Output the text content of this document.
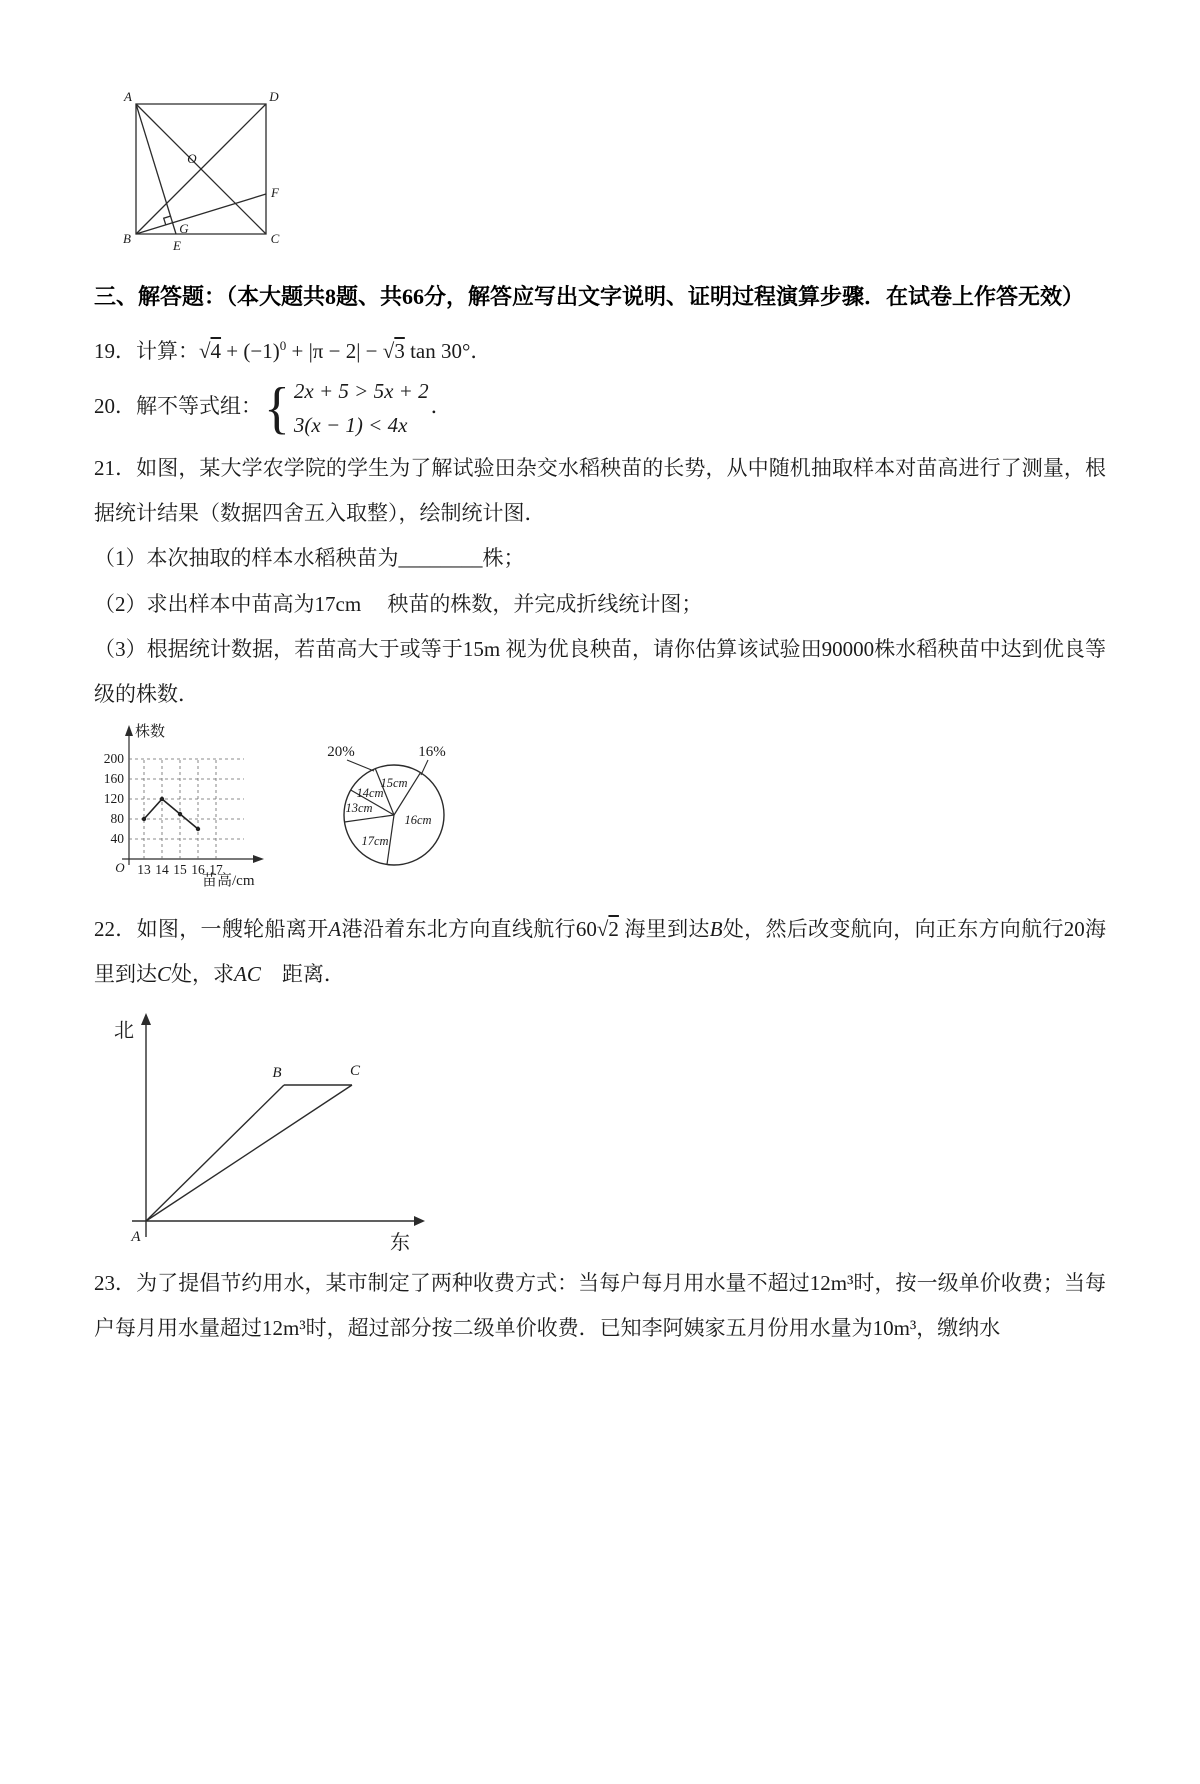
A	D
B	C
E
F
G
O

三、解答题：（本大题共8题、共66分，解答应写出文字说明、证明过程演算步骤．在试卷上作答无效）

19．计算：$√4 + (-1)^0 + |\pi - 2| - √3$ tan 30°．

20．解不等式组： { 2x + 5 > 5x + 2
3(x − 1) < 4x
．

21．如图，某大学农学院的学生为了解试验田杂交水稻秧苗的长势，从中随机抽取样本对苗高进行了测量，根据统计结果（数据四舍五入取整），绘制统计图．

（1）本次抽取的样本水稻秧苗为________株；

（2）求出样本中苗高为17cm　 秧苗的株数，并完成折线统计图；

（3）根据统计数据，若苗高大于或等于15m 视为优良秧苗，请你估算该试验田90000株水稻秧苗中达到优良等级的株数．

株数
苗高/cm
O
200
160
120
80
40
13 14 15 16 17
20%	16%
15cm
14cm
13cm
17cm
16cm

22．如图，一艘轮船离开A港沿着东北方向直线航行60√2 海里到达B处，然后改变航向，向正东方向航行20海里到达C处，求AC　距离．

北
东
A
B	C

23．为了提倡节约用水，某市制定了两种收费方式：当每户每月用水量不超过12m³时，按一级单价收费；当每户每月用水量超过12m³时，超过部分按二级单价收费．已知李阿姨家五月份用水量为10m³，缴纳水
